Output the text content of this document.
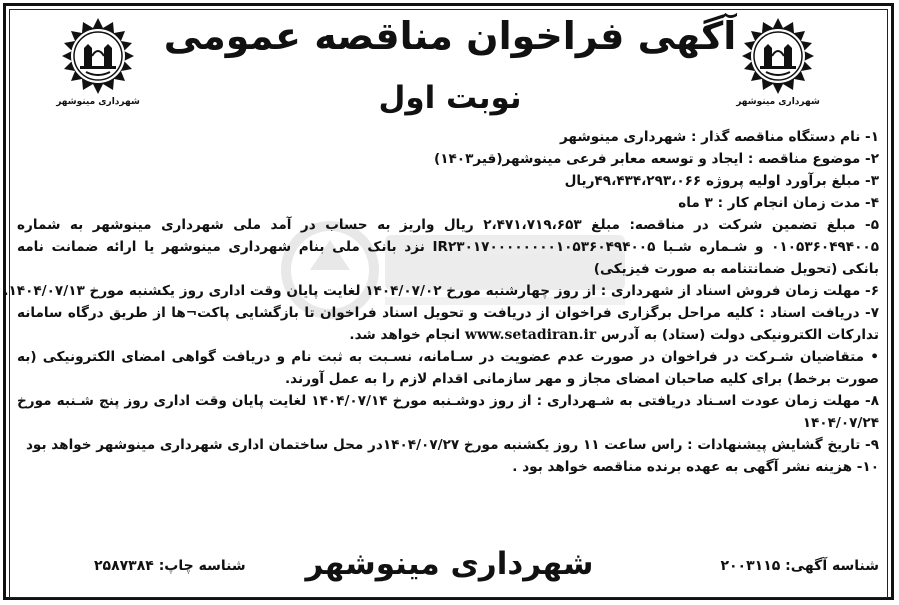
شهرداری مینوشهر	شهرداری مینوشهر
آگهی فراخوان مناقصه عمومی
نوبت اول
۱- نام دستگاه مناقصه گذار : شهرداری مینوشهر
۲- موضوع مناقصه : ایجاد و توسعه معابر فرعی مینوشهر(قیر۱۴۰۳)
۳- مبلغ برآورد اولیه پروژه ۴۹،۴۳۴،۲۹۳،۰۶۶ریال
۴- مدت زمان انجام کار : ۳ ماه
۵- مبلغ تضمین شرکت در مناقصه: مبلغ ۲،۴۷۱،۷۱۹،۶۵۳ ریال واریز به حساب در آمد ملی شهرداری مینوشهر به شماره ۰۱۰۵۳۶۰۴۹۴۰۰۵ و شـماره شـبا IR۲۳۰۱۷۰۰۰۰۰۰۰۰۱۰۵۳۶۰۴۹۴۰۰۵ نزد بانک ملی بنام شهرداری مینوشهر یا ارائه ضمانت نامه بانکی (تحویل ضمانتنامه به صورت فیزیکی)
۶- مهلت زمان فروش اسناد از شهرداری : از روز چهارشنبه مورخ ۱۴۰۴/۰۷/۰۲ لغایت پایان وقت اداری روز یکشنبه مورخ ۱۴۰۴/۰۷/۱۳.
۷- دریافت اسناد : کلیه مراحل برگزاری فراخوان از دریافت و تحویل اسناد فراخوان تا بازگشایی پاکت¬ها از طریق درگاه سامانه تدارکات الکترونیکی دولت (ستاد) به آدرس www.setadiran.ir انجام خواهد شد.
• متقاضیان شـرکت در فراخوان در صورت عدم عضویت در سـامانه، نسـبت به ثبت نام و دریافت گواهی امضای الکترونیکی (به صورت برخط) برای کلیه صاحبان امضای مجاز و مهر سازمانی اقدام لازم را به عمل آورند.
۸- مهلت زمان عودت اسـناد دریافتی به شـهرداری : از روز دوشـنبه مورخ ۱۴۰۴/۰۷/۱۴ لغایت پایان وقت اداری روز پنج شـنبه مورخ ۱۴۰۴/۰۷/۲۴
۹- تاریخ گشایش پیشنهادات : راس ساعت ۱۱ روز یکشنبه مورخ ۱۴۰۴/۰۷/۲۷در محل ساختمان اداری شهرداری مینوشهر خواهد بود
۱۰- هزینه نشر آگهی به عهده برنده مناقصه خواهد بود .
شناسه آگهی: ۲۰۰۳۱۱۵
شهرداری مینوشهر
شناسه چاپ: ۲۵۸۷۳۸۴
